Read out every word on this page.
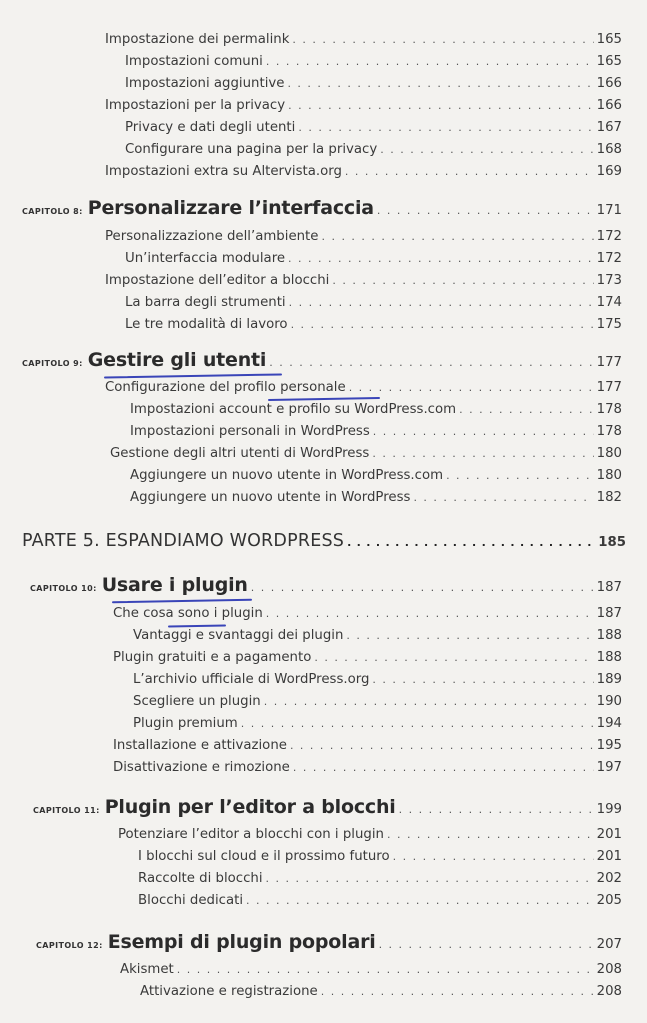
Impostazione dei permalink . . .	165
Impostazioni comuni . . .	165
Impostazioni aggiuntive . . .	166
Impostazioni per la privacy . . .	166
Privacy e dati degli utenti . . .	167
Configurare una pagina per la privacy . . .	168
Impostazioni extra su Altervista.org . . .	169
CAPITOLO 8: Personalizzare l’interfaccia . . .	171
Personalizzazione dell’ambiente . . .	172
Un’interfaccia modulare . . .	172
Impostazione dell’editor a blocchi . . .	173
La barra degli strumenti . . .	174
Le tre modalità di lavoro . . .	175
CAPITOLO 9: Gestire gli utenti . . .	177
Configurazione del profilo personale . . .	177
Impostazioni account e profilo su WordPress.com . . .	178
Impostazioni personali in WordPress . . .	178
Gestione degli altri utenti di WordPress . . .	180
Aggiungere un nuovo utente in WordPress.com . . .	180
Aggiungere un nuovo utente in WordPress . . .	182
PARTE 5. ESPANDIAMO WORDPRESS . . .	185
CAPITOLO 10: Usare i plugin . . .	187
Che cosa sono i plugin . . .	187
Vantaggi e svantaggi dei plugin . . .	188
Plugin gratuiti e a pagamento . . .	188
L’archivio ufficiale di WordPress.org . . .	189
Scegliere un plugin . . .	190
Plugin premium . . .	194
Installazione e attivazione . . .	195
Disattivazione e rimozione . . .	197
CAPITOLO 11: Plugin per l’editor a blocchi . . .	199
Potenziare l’editor a blocchi con i plugin . . .	201
I blocchi sul cloud e il prossimo futuro . . .	201
Raccolte di blocchi . . .	202
Blocchi dedicati . . .	205
CAPITOLO 12: Esempi di plugin popolari . . .	207
Akismet . . .	208
Attivazione e registrazione . . .	208
